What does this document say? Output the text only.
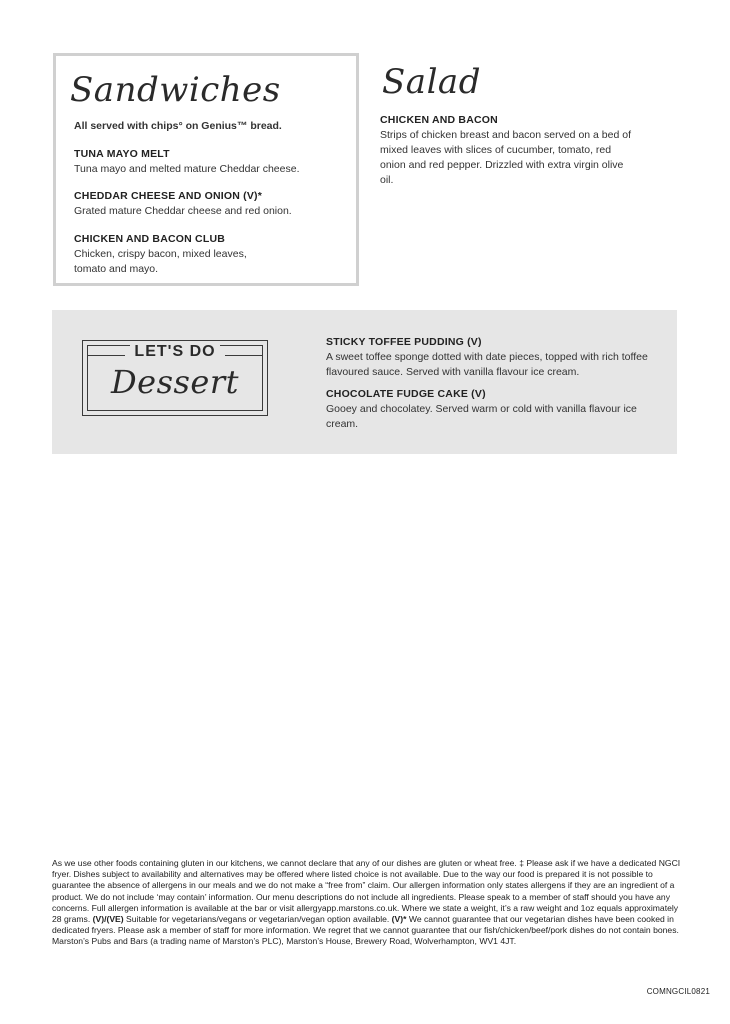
Sandwiches
All served with chips° on Genius™ bread.
TUNA MAYO MELT

Tuna mayo and melted mature Cheddar cheese.

CHEDDAR CHEESE AND ONION (V)*

Grated mature Cheddar cheese and red onion.

CHICKEN AND BACON CLUB

Chicken, crispy bacon, mixed leaves,
tomato and mayo.

Salad
CHICKEN AND BACON

Strips of chicken breast and bacon served on a bed of mixed leaves with slices of cucumber, tomato, red onion and red pepper. Drizzled with extra virgin olive oil.

LET'S DO
Dessert
STICKY TOFFEE PUDDING (V)

A sweet toffee sponge dotted with date pieces, topped with rich toffee flavoured sauce. Served with vanilla flavour ice cream.

CHOCOLATE FUDGE CAKE (V)

Gooey and chocolatey. Served warm or cold with vanilla flavour ice cream.

As we use other foods containing gluten in our kitchens, we cannot declare that any of our dishes are gluten or wheat free. ‡ Please ask if we have a dedicated NGCI fryer. Dishes subject to availability and alternatives may be offered where listed choice is not available. Due to the way our food is prepared it is not possible to guarantee the absence of allergens in our meals and we do not make a “free from” claim. Our allergen information only states allergens if they are an ingredient of a product. We do not include ‘may contain’ information. Our menu descriptions do not include all ingredients. Please speak to a member of staff should you have any concerns. Full allergen information is available at the bar or visit allergyapp.marstons.co.uk. Where we state a weight, it’s a raw weight and 1oz equals approximately 28 grams. (V)/(VE) Suitable for vegetarians/vegans or vegetarian/vegan option available. (V)* We cannot guarantee that our vegetarian dishes have been cooked in dedicated fryers. Please ask a member of staff for more information. We regret that we cannot guarantee that our fish/chicken/beef/pork dishes do not contain bones. Marston’s Pubs and Bars (a trading name of Marston’s PLC), Marston’s House, Brewery Road, Wolverhampton, WV1 4JT.
COMNGCIL0821
